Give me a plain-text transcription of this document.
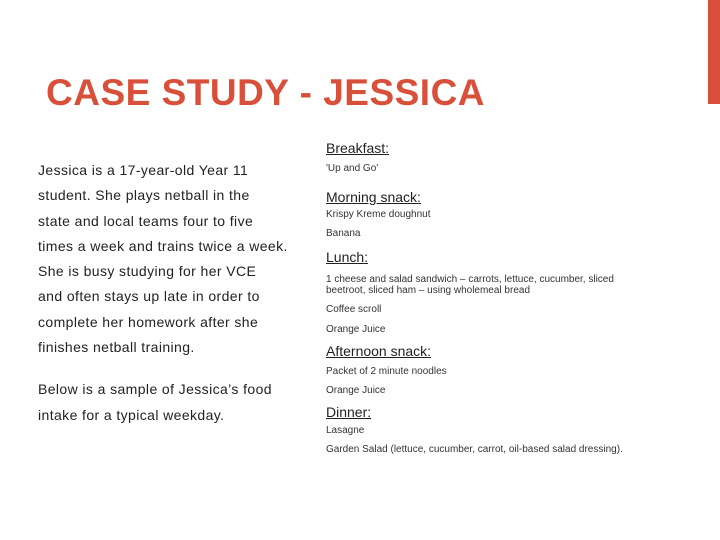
CASE STUDY - JESSICA

Jessica is a 17-year-old Year 11

student. She plays netball in the

state and local teams four to five

times a week and trains twice a week.

She is busy studying for her VCE

and often stays up late in order to

complete her homework after she

finishes netball training.

Below is a sample of Jessica’s food

intake for a typical weekday.

Breakfast:

'Up and Go'

Morning snack:

Krispy Kreme doughnut

Banana

Lunch:

1 cheese and salad sandwich – carrots, lettuce, cucumber, sliced beetroot, sliced ham – using wholemeal bread

Coffee scroll

Orange Juice

Afternoon snack:

Packet of 2 minute noodles

Orange Juice

Dinner:

Lasagne

Garden Salad (lettuce, cucumber, carrot, oil-based salad dressing).
